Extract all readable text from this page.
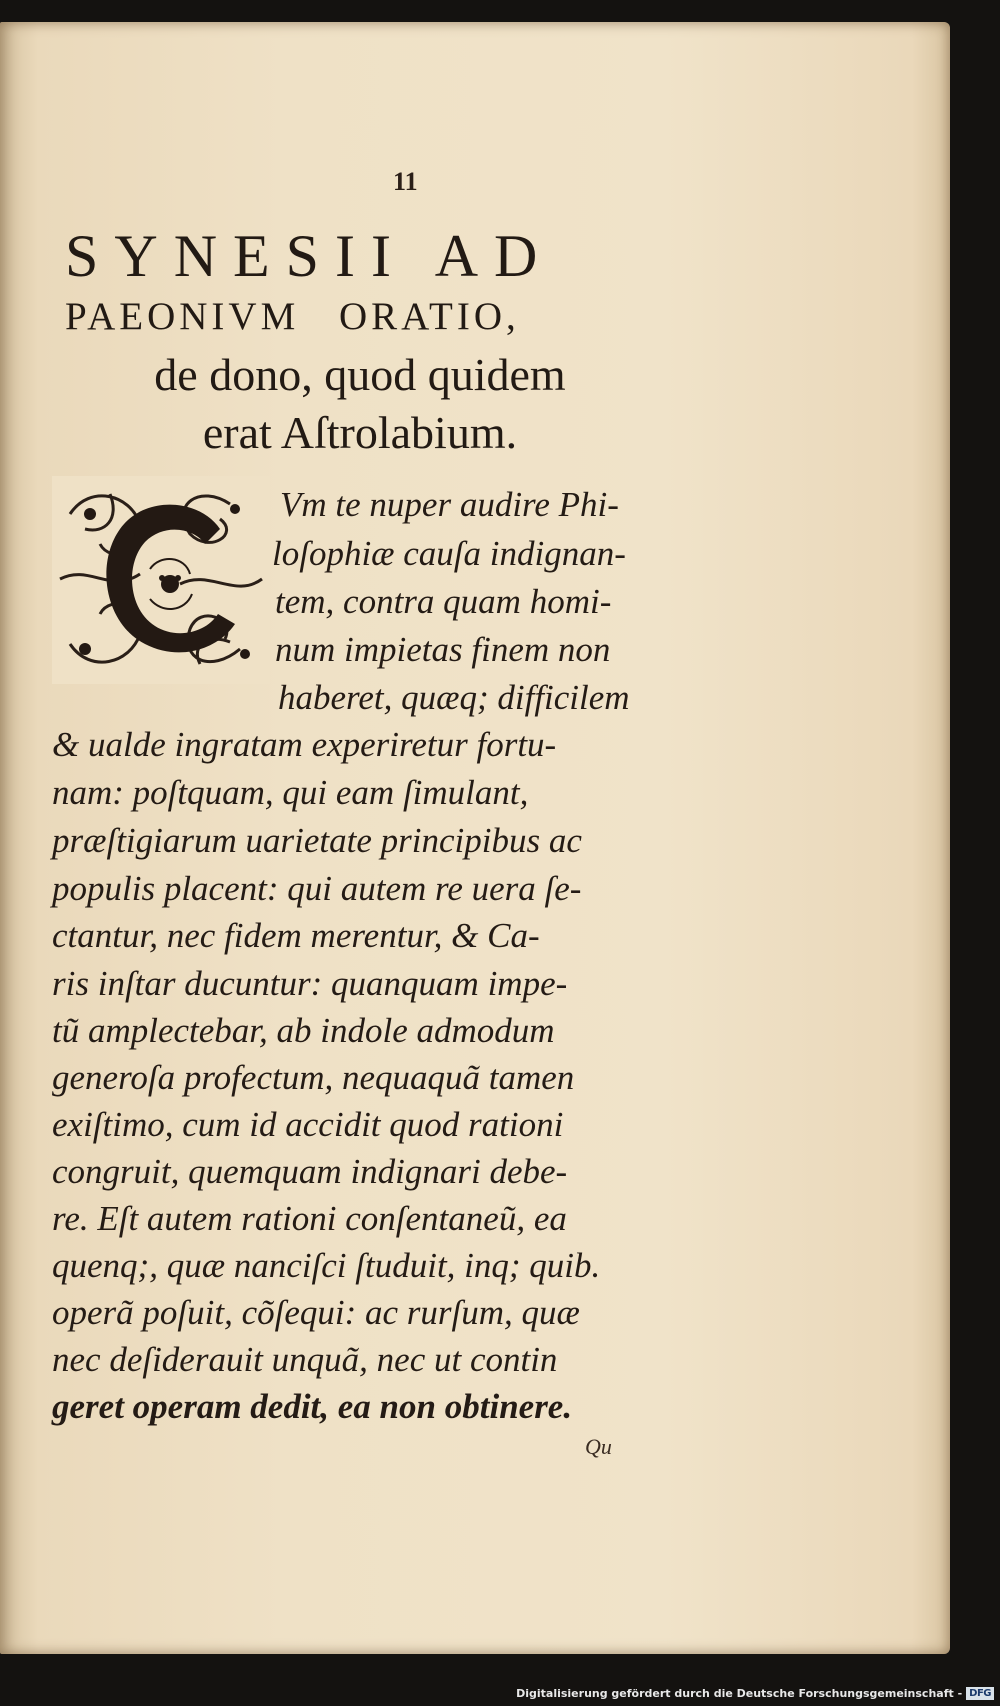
11
SYNESII AD
PAEONIVM ORATIO,
de dono, quod quidem
erat Aſtrolabium.
Vm te nuper audire Phi-
loſophiæ cauſa indignan-
tem, contra quam homi-
num impietas finem non
haberet, quæq; difficilem
& ualde ingratam experiretur fortu-
nam: poſtquam, qui eam ſimulant,
præſtigiarum uarietate principibus ac
populis placent: qui autem re uera ſe-
ctantur, nec fidem merentur, & Ca-
ris inſtar ducuntur: quanquam impe-
tũ amplectebar, ab indole admodum
generoſa profectum, nequaquã tamen
exiſtimo, cum id accidit quod rationi
congruit, quemquam indignari debe-
re. Eſt autem rationi conſentaneũ, ea
quenq;, quæ nanciſci ſtuduit, inq; quib.
operã poſuit, cõſequi: ac rurſum, quæ
nec deſiderauit unquã, nec ut contin
geret operam dedit, ea non obtinere.
Qu
Digitalisierung gefördert durch die Deutsche Forschungsgemeinschaft - DFG
